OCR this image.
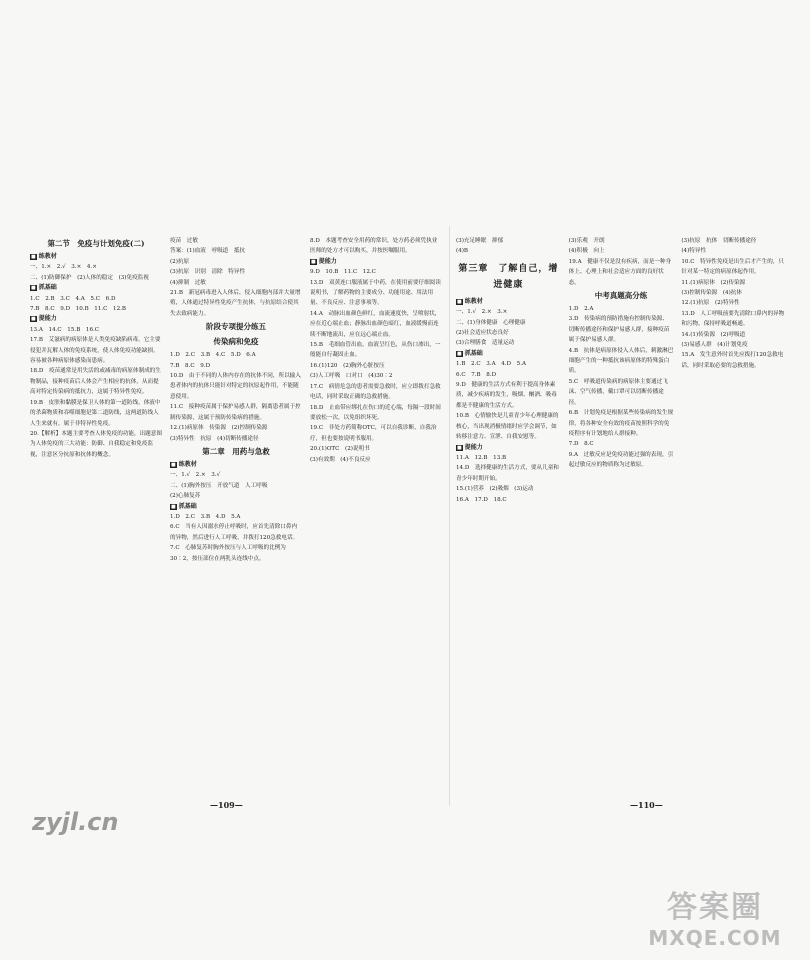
第二节　免疫与计划免疫(二)
■ 练教材

一、1.×　2.√　3.×　4.×

二、(1)防御保护　(2)人体的稳定　(3)免疫监视

■ 抓基础

1.C　2.B　3.C　4.A　5.C　6.D

7.B　8.C　9.D　10.B　11.C　12.B

■ 提能力

13.A　14.C　15.B　16.C

17.B　艾滋病的病原体是人类免疫缺陷病毒，它主要侵犯并瓦解人体的免疫系统，使人体免疫功能缺损，容易被各种病原体感染而患病。

18.D　疫苗通常是用失活的或减毒的病原体制成的生物制品，接种疫苗后人体会产生相应的抗体，从而提高对特定传染病的抵抗力，这属于特异性免疫。

19.B　皮肤和黏膜是保卫人体的第一道防线，体液中的杀菌物质和吞噬细胞是第二道防线，这两道防线人人生来就有，属于非特异性免疫。

20.【解析】本题主要考查人体免疫的功能，出题意图为人体免疫的三大功能：防御、自我稳定和免疫监视，注意区分抗原和抗体的概念。

疫苗　过敏

答案：(1)血液　呼吸道　抵抗

(2)抗原

(3)抗原　识别　清除　特异性

(4)抑制　过敏

21.B　新冠病毒进入人体后，侵入细胞内部并大量增殖，人体通过特异性免疫产生抗体，与抗原结合使其失去致病能力。

阶段专项提分练五
传染病和免疫

1.D　2.C　3.B　4.C　5.D　6.A

7.B　8.C　9.D

10.D　由于不同的人体内存在的抗体不同，所以输入患者体内的抗体只能针对特定的抗原起作用，不能随意使用。

11.C　接种疫苗属于保护易感人群，隔离患者属于控制传染源，这属于预防传染病的措施。

12.(1)病原体　传染源　(2)控制传染源

(3)特异性　抗原　(4)切断传播途径

第二章　用药与急救
■ 练教材

一、1.√　2.×　3.√

二、(1)胸外按压　开放气道　人工呼吸

(2)心肺复苏

■ 抓基础

1.D　2.C　3.B　4.D　5.A

6.C　当有人因溺水停止呼吸时，应首先清除口鼻内的异物，然后进行人工呼吸，并拨打120急救电话。

7.C　心肺复苏时胸外按压与人工呼吸的比例为30∶2，按压部位在两乳头连线中点。

8.D　本题考查安全用药的常识，处方药必须凭执业医师的处方才可以购买，并按医嘱服用。

■ 提能力

9.D　10.B　11.C　12.C

13.D　双黄连口服液属于中药，在使用前要仔细阅读说明书，了解药物的主要成分、功能用途、用法用量、不良反应、注意事项等。

14.A　动脉出血颜色鲜红，血流速度快，呈喷射状，应在近心端止血；静脉出血颜色暗红，血液缓慢而连续不断地流出，应在远心端止血。

15.B　毛细血管出血，血液呈红色，从伤口渗出，一般能自行凝固止血。

16.(1)120　(2)胸外心脏按压

(3)人工呼吸　口对口　(4)30∶2

17.C　病情危急的患者需要急救时，应立即拨打急救电话，同时采取正确的急救措施。

18.D　止血带应绑扎在伤口的近心端，每隔一段时间要放松一次，以免组织坏死。

19.C　非处方药简称OTC，可以自我诊断、自我治疗，但也要按说明书服用。

20.(1)OTC　(2)说明书

(3)有效期　(4)不良反应

(3)充足睡眠　抑郁

(4)B

第三章　了解自己，增进健康
■ 练教材

一、1.√　2.×　3.×

二、(1)身体健康　心理健康

(2)社会适应状态良好

(3)合理膳食　适量运动

■ 抓基础

1.B　2.C　3.A　4.D　5.A

6.C　7.B　8.D

9.D　健康的生活方式有利于提高身体素质，减少疾病的发生，吸烟、酗酒、吸毒都是不健康的生活方式。

10.B　心情愉快是儿童青少年心理健康的核心，当出现消极情绪时应学会调节，如转移注意力、宣泄、自我安慰等。

■ 提能力

11.A　12.B　13.B

14.D　选择健康的生活方式，要从儿童和青少年时期开始。

15.(1)营养　(2)吸烟　(3)运动

16.A　17.D　18.C

(3)乐观　开朗

(4)积极　向上

19.A　健康不仅是没有疾病，而是一种身体上、心理上和社会适应方面的良好状态。

中考真题高分练

1.D　2.A

3.D　传染病的预防措施有控制传染源、切断传播途径和保护易感人群，接种疫苗属于保护易感人群。

4.B　抗体是病原体侵入人体后，刺激淋巴细胞产生的一种抵抗该病原体的特殊蛋白质。

5.C　呼吸道传染病的病原体主要通过飞沫、空气传播，戴口罩可以切断传播途径。

6.B　计划免疫是根据某些传染病的发生规律，将各种安全有效的疫苗按照科学的免疫程序有计划地给人群接种。

7.D　8.C

9.A　过敏反应是免疫功能过强的表现，引起过敏反应的物质称为过敏原。

(3)抗原　抗体　切断传播途径

(4)特异性

10.C　特异性免疫是出生后才产生的，只针对某一特定的病原体起作用。

11.(1)病原体　(2)传染源

(3)控制传染源　(4)抗体

12.(1)抗原　(2)特异性

13.D　人工呼吸前要先清除口鼻内的异物和污物，保持呼吸道畅通。

14.(1)传染源　(2)呼吸道

(3)易感人群　(4)计划免疫

15.A　发生意外时首先应拨打120急救电话，同时采取必要的急救措施。

—109—	—110—
zyjl.cn
答案圈
MXQE.COM
